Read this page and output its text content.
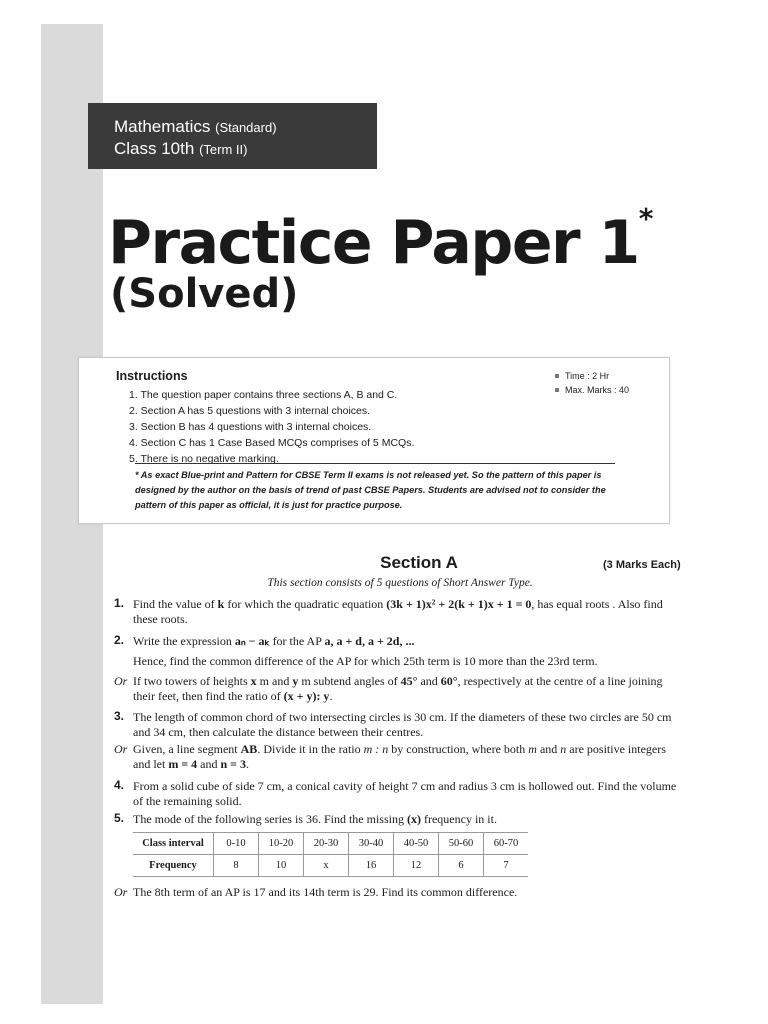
Mathematics (Standard)
Class 10th (Term II)
Practice Paper 1*
(Solved)
Instructions
1. The question paper contains three sections A, B and C.
2. Section A has 5 questions with 3 internal choices.
3. Section B has 4 questions with 3 internal choices.
4. Section C has 1 Case Based MCQs comprises of 5 MCQs.
5. There is no negative marking.
Time : 2 Hr
Max. Marks : 40

* As exact Blue-print and Pattern for CBSE Term II exams is not released yet. So the pattern of this paper is designed by the author on the basis of trend of past CBSE Papers. Students are advised not to consider the pattern of this paper as official, it is just for practice purpose.

Section A	(3 Marks Each)

This section consists of 5 questions of Short Answer Type.

1. Find the value of k for which the quadratic equation (3k + 1)x² + 2(k + 1)x + 1 = 0, has equal roots . Also find these roots.
2. Write the expression aₙ − aₖ for the AP a, a + d, a + 2d, ...
Hence, find the common difference of the AP for which 25th term is 10 more than the 23rd term.
Or If two towers of heights x m and y m subtend angles of 45° and 60°, respectively at the centre of a line joining their feet, then find the ratio of (x + y): y.
3. The length of common chord of two intersecting circles is 30 cm. If the diameters of these two circles are 50 cm and 34 cm, then calculate the distance between their centres.
Or Given, a line segment AB. Divide it in the ratio m : n by construction, where both m and n are positive integers and let m = 4 and n = 3.
4. From a solid cube of side 7 cm, a conical cavity of height 7 cm and radius 3 cm is hollowed out. Find the volume of the remaining solid.
5. The mode of the following series is 36. Find the missing (x) frequency in it.
Class interval	0-10	10-20	20-30	30-40	40-50	50-60	60-70
Frequency	8	10	x	16	12	6	7
Or The 8th term of an AP is 17 and its 14th term is 29. Find its common difference.
